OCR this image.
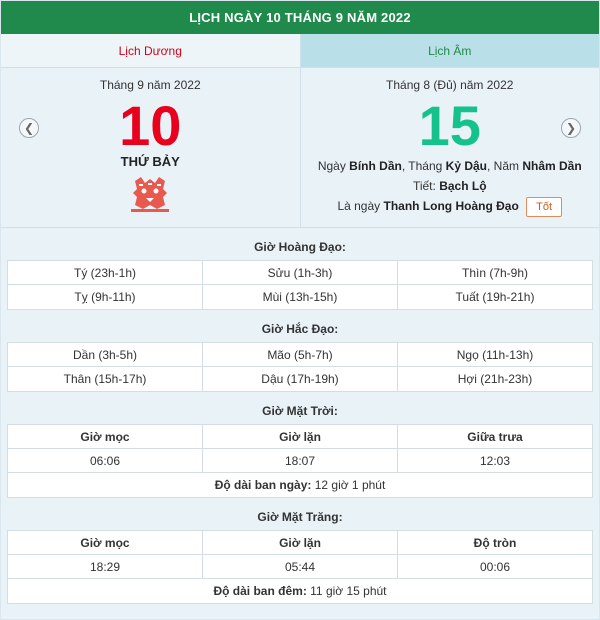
LỊCH NGÀY 10 THÁNG 9 NĂM 2022
Lịch Dương	Lịch Âm
❮
Tháng 9 năm 2022
10
THỨ BẢY
❯
Tháng 8 (Đủ) năm 2022
15
Ngày Bính Dần, Tháng Kỷ Dậu, Năm Nhâm Dần
Tiết: Bạch Lộ
Là ngày Thanh Long Hoàng Đạo Tốt
Giờ Hoàng Đạo:
Tý (23h-1h)	Sửu (1h-3h)	Thìn (7h-9h)
Tỵ (9h-11h)	Mùi (13h-15h)	Tuất (19h-21h)
Giờ Hắc Đạo:
Dần (3h-5h)	Mão (5h-7h)	Ngọ (11h-13h)
Thân (15h-17h)	Dậu (17h-19h)	Hợi (21h-23h)
Giờ Mặt Trời:
Giờ mọc	Giờ lặn	Giữa trưa
06:06	18:07	12:03
Độ dài ban ngày: 12 giờ 1 phút
Giờ Mặt Trăng:
Giờ mọc	Giờ lặn	Độ tròn
18:29	05:44	00:06
Độ dài ban đêm: 11 giờ 15 phút
